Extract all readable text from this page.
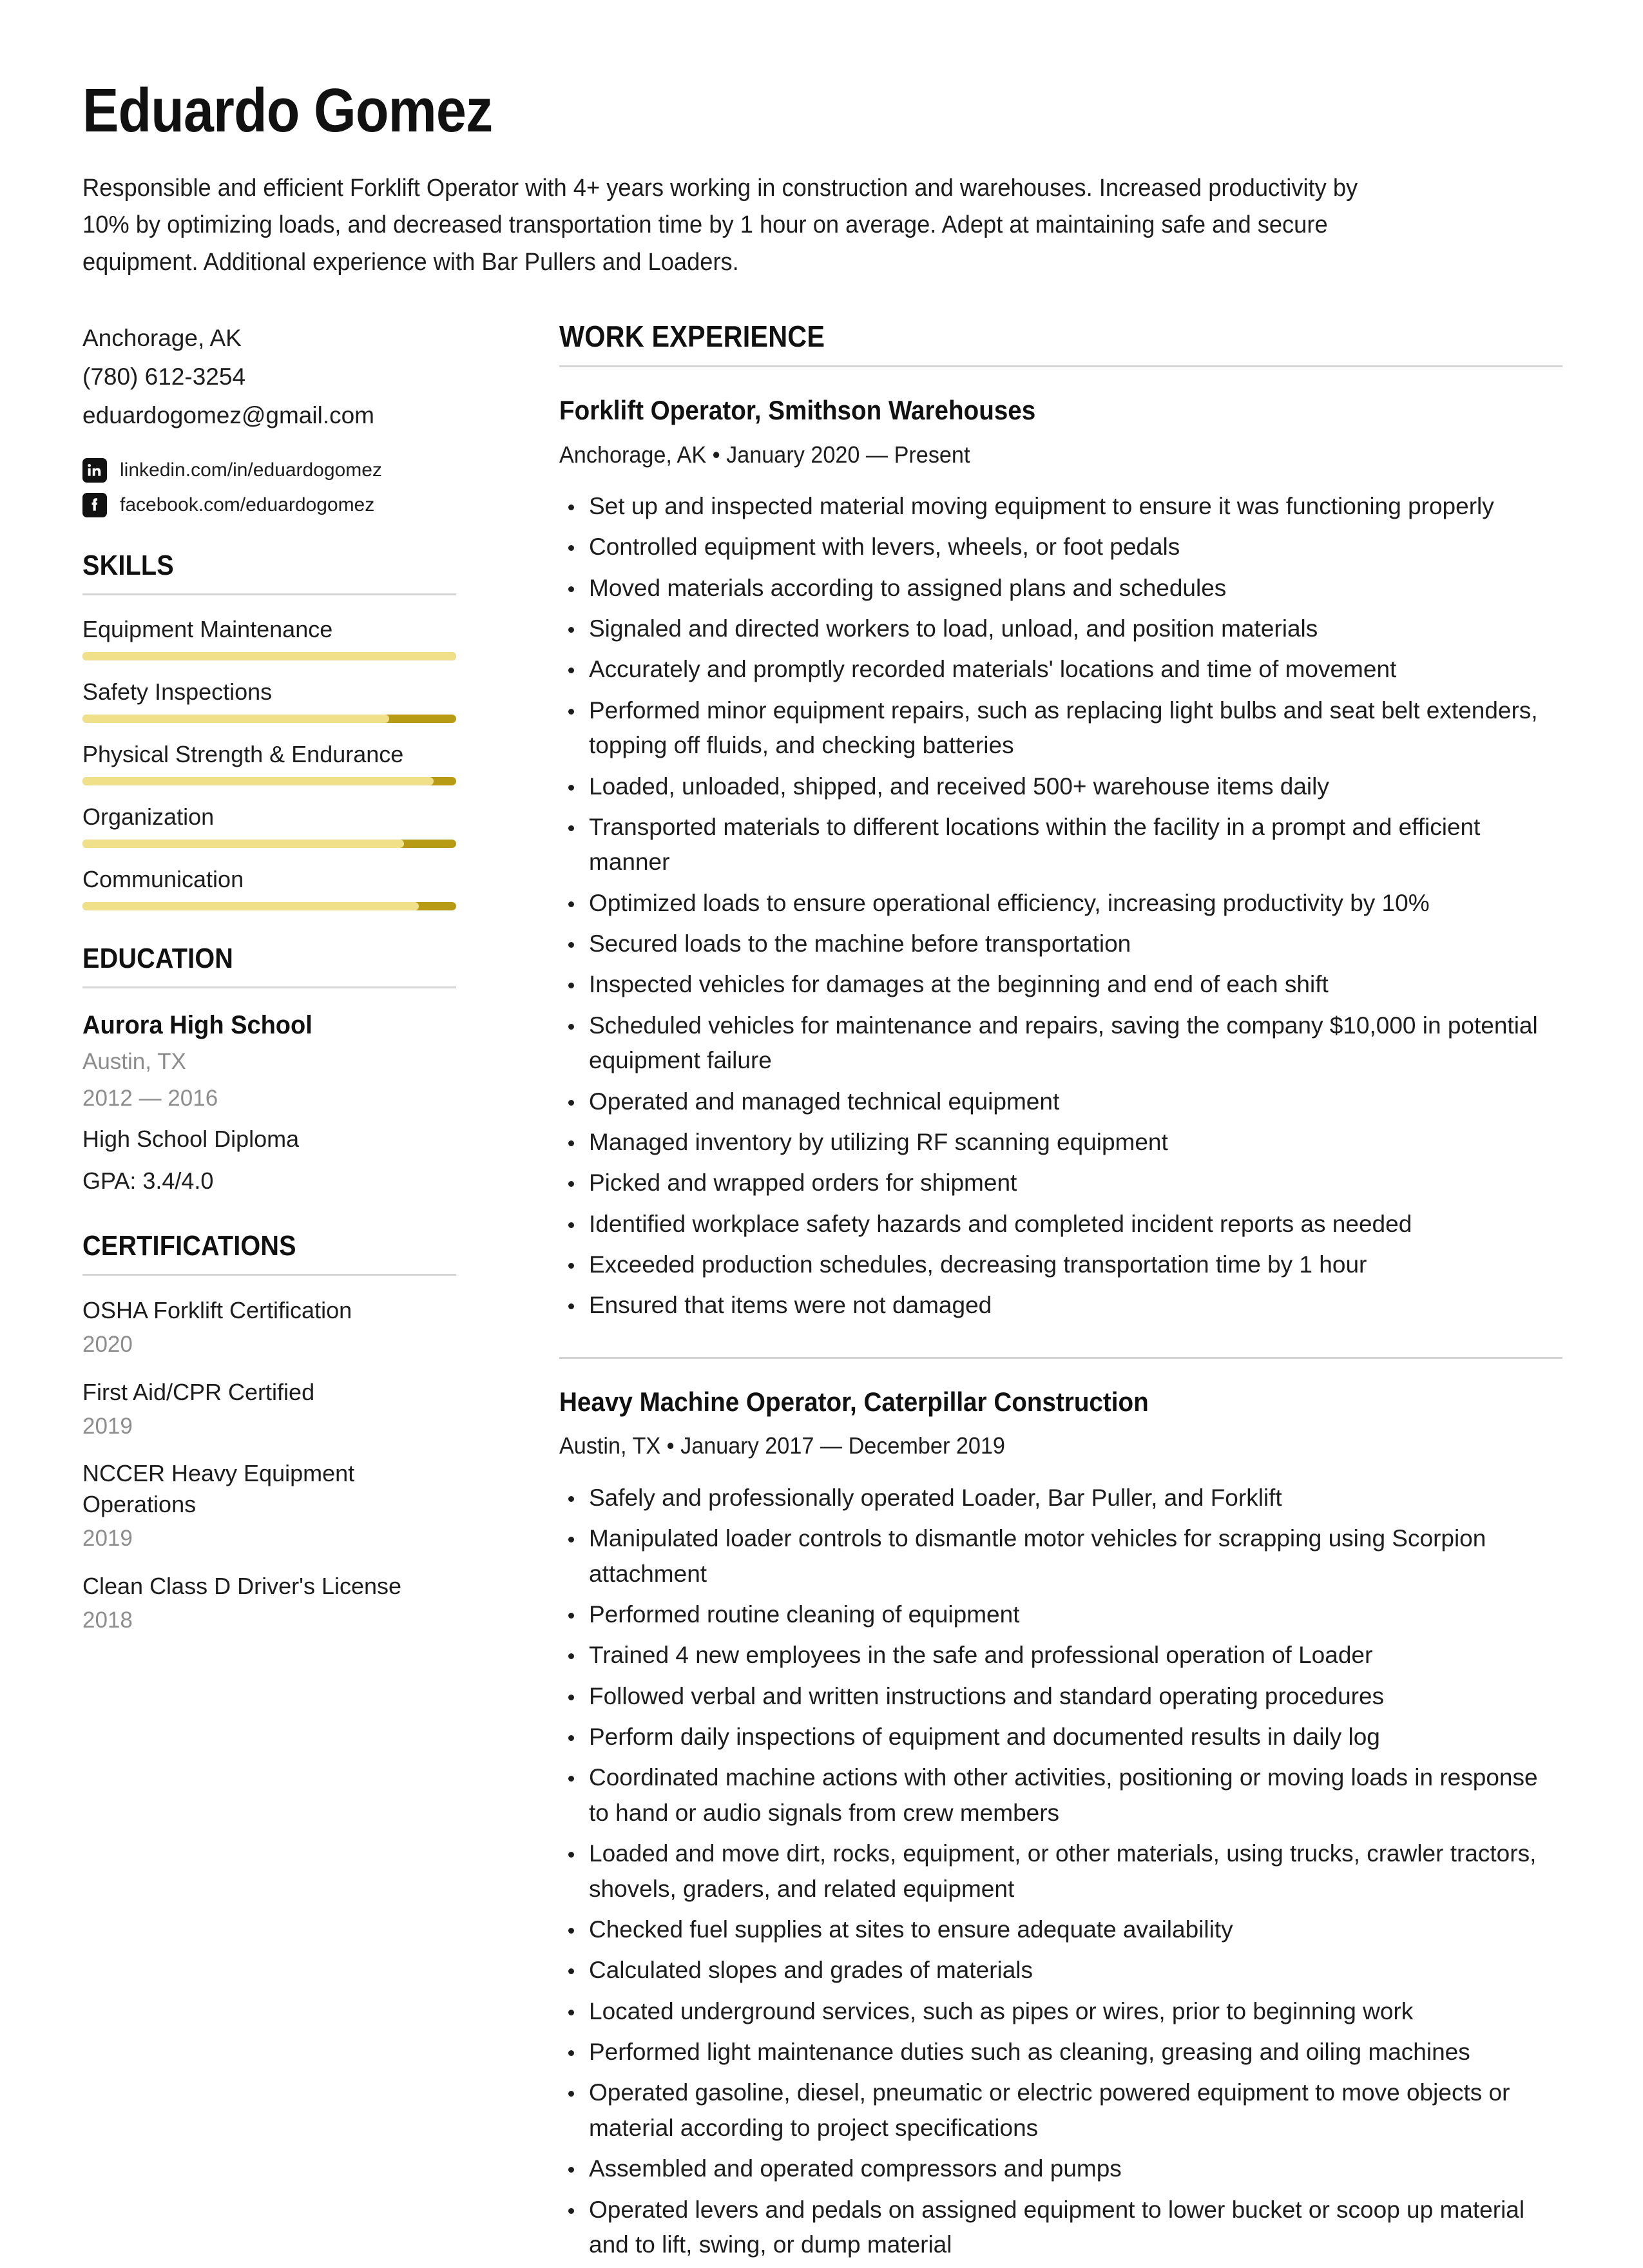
Eduardo Gomez
Responsible and efficient Forklift Operator with 4+ years working in construction and warehouses. Increased productivity by 10% by optimizing loads, and decreased transportation time by 1 hour on average. Adept at maintaining safe and secure equipment. Additional experience with Bar Pullers and Loaders.
Anchorage, AK
(780) 612-3254
eduardogomez@gmail.com
linkedin.com/in/eduardogomez
facebook.com/eduardogomez
SKILLS
Equipment Maintenance
Safety Inspections
Physical Strength & Endurance
Organization
Communication
EDUCATION
Aurora High School
Austin, TX
2012 — 2016
High School Diploma
GPA: 3.4/4.0
CERTIFICATIONS
OSHA Forklift Certification
2020
First Aid/CPR Certified
2019
NCCER Heavy Equipment Operations
2019
Clean Class D Driver's License
2018
WORK EXPERIENCE
Forklift Operator, Smithson Warehouses
Anchorage, AK • January 2020 — Present
Set up and inspected material moving equipment to ensure it was functioning properly
Controlled equipment with levers, wheels, or foot pedals
Moved materials according to assigned plans and schedules
Signaled and directed workers to load, unload, and position materials
Accurately and promptly recorded materials' locations and time of movement
Performed minor equipment repairs, such as replacing light bulbs and seat belt extenders, topping off fluids, and checking batteries
Loaded, unloaded, shipped, and received 500+ warehouse items daily
Transported materials to different locations within the facility in a prompt and efficient manner
Optimized loads to ensure operational efficiency, increasing productivity by 10%
Secured loads to the machine before transportation
Inspected vehicles for damages at the beginning and end of each shift
Scheduled vehicles for maintenance and repairs, saving the company $10,000 in potential equipment failure
Operated and managed technical equipment
Managed inventory by utilizing RF scanning equipment
Picked and wrapped orders for shipment
Identified workplace safety hazards and completed incident reports as needed
Exceeded production schedules, decreasing transportation time by 1 hour
Ensured that items were not damaged
Heavy Machine Operator, Caterpillar Construction
Austin, TX • January 2017 — December 2019
Safely and professionally operated Loader, Bar Puller, and Forklift
Manipulated loader controls to dismantle motor vehicles for scrapping using Scorpion attachment
Performed routine cleaning of equipment
Trained 4 new employees in the safe and professional operation of Loader
Followed verbal and written instructions and standard operating procedures
Perform daily inspections of equipment and documented results in daily log
Coordinated machine actions with other activities, positioning or moving loads in response to hand or audio signals from crew members
Loaded and move dirt, rocks, equipment, or other materials, using trucks, crawler tractors, shovels, graders, and related equipment
Checked fuel supplies at sites to ensure adequate availability
Calculated slopes and grades of materials
Located underground services, such as pipes or wires, prior to beginning work
Performed light maintenance duties such as cleaning, greasing and oiling machines
Operated gasoline, diesel, pneumatic or electric powered equipment to move objects or material according to project specifications
Assembled and operated compressors and pumps
Operated levers and pedals on assigned equipment to lower bucket or scoop up material and to lift, swing, or dump material
